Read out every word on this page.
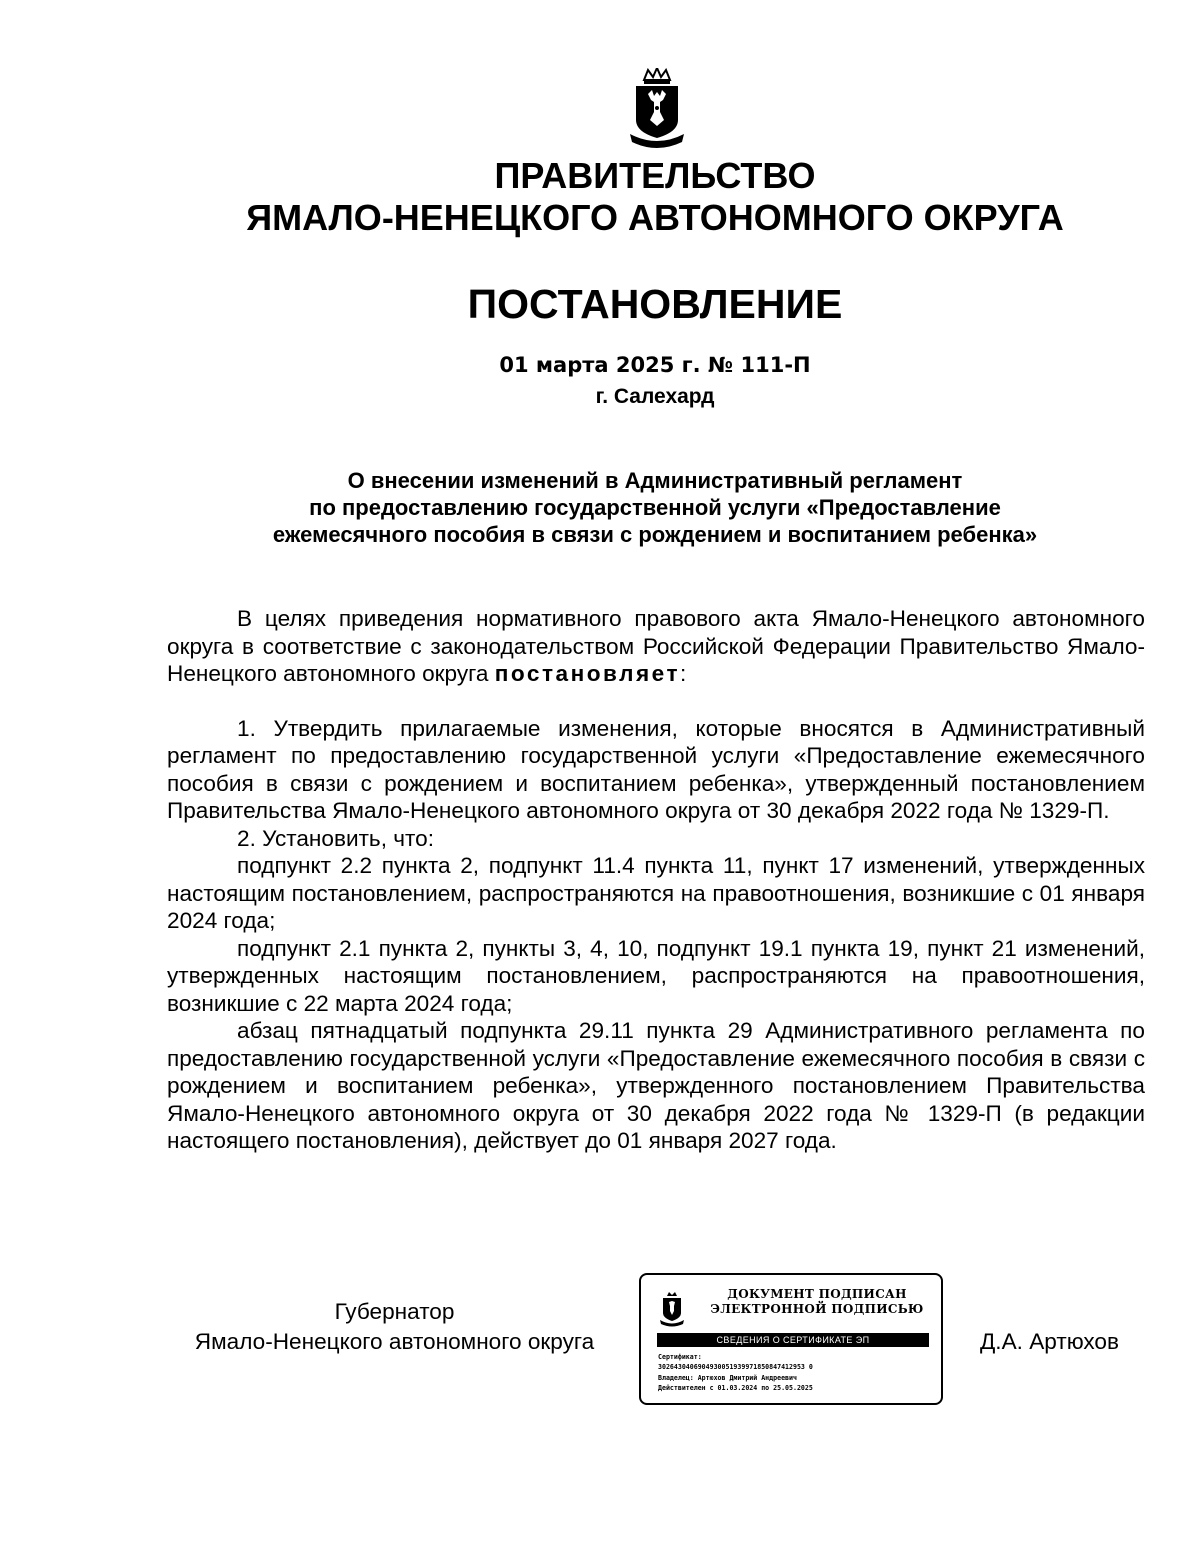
ПРАВИТЕЛЬСТВО
ЯМАЛО-НЕНЕЦКОГО АВТОНОМНОГО ОКРУГА
ПОСТАНОВЛЕНИЕ
01 марта 2025 г. № 111-П
г. Салехард
О внесении изменений в Административный регламент
по предоставлению государственной услуги «Предоставление
ежемесячного пособия в связи с рождением и воспитанием ребенка»

В целях приведения нормативного правового акта Ямало-Ненецкого автономного округа в соответствие с законодательством Российской Федерации Правительство Ямало-Ненецкого автономного округа постановляет:

1. Утвердить прилагаемые изменения, которые вносятся в Административный регламент по предоставлению государственной услуги «Предоставление ежемесячного пособия в связи с рождением и воспитанием ребенка», утвержденный постановлением Правительства Ямало-Ненецкого автономного округа от 30 декабря 2022 года № 1329-П.

2. Установить, что:

подпункт 2.2 пункта 2, подпункт 11.4 пункта 11, пункт 17 изменений, утвержденных настоящим постановлением, распространяются на правоотношения, возникшие с 01 января 2024 года;

подпункт 2.1 пункта 2, пункты 3, 4, 10, подпункт 19.1 пункта 19, пункт 21 изменений, утвержденных настоящим постановлением, распространяются на правоотношения, возникшие с 22 марта 2024 года;

абзац пятнадцатый подпункта 29.11 пункта 29 Административного регламента по предоставлению государственной услуги «Предоставление ежемесячного пособия в связи с рождением и воспитанием ребенка», утвержденного постановлением Правительства Ямало-Ненецкого автономного округа от 30 декабря 2022 года № 1329-П (в редакции настоящего постановления), действует до 01 января 2027 года.

Губернатор
Ямало-Ненецкого автономного округа
ДОКУМЕНТ ПОДПИСАН
ЭЛЕКТРОННОЙ ПОДПИСЬЮ
СВЕДЕНИЯ О СЕРТИФИКАТЕ ЭП
Сертификат:
3026430406904930051939971850847412953 0
Владелец: Артюхов Дмитрий Андреевич
Действителен с 01.03.2024 по 25.05.2025
Д.А. Артюхов
